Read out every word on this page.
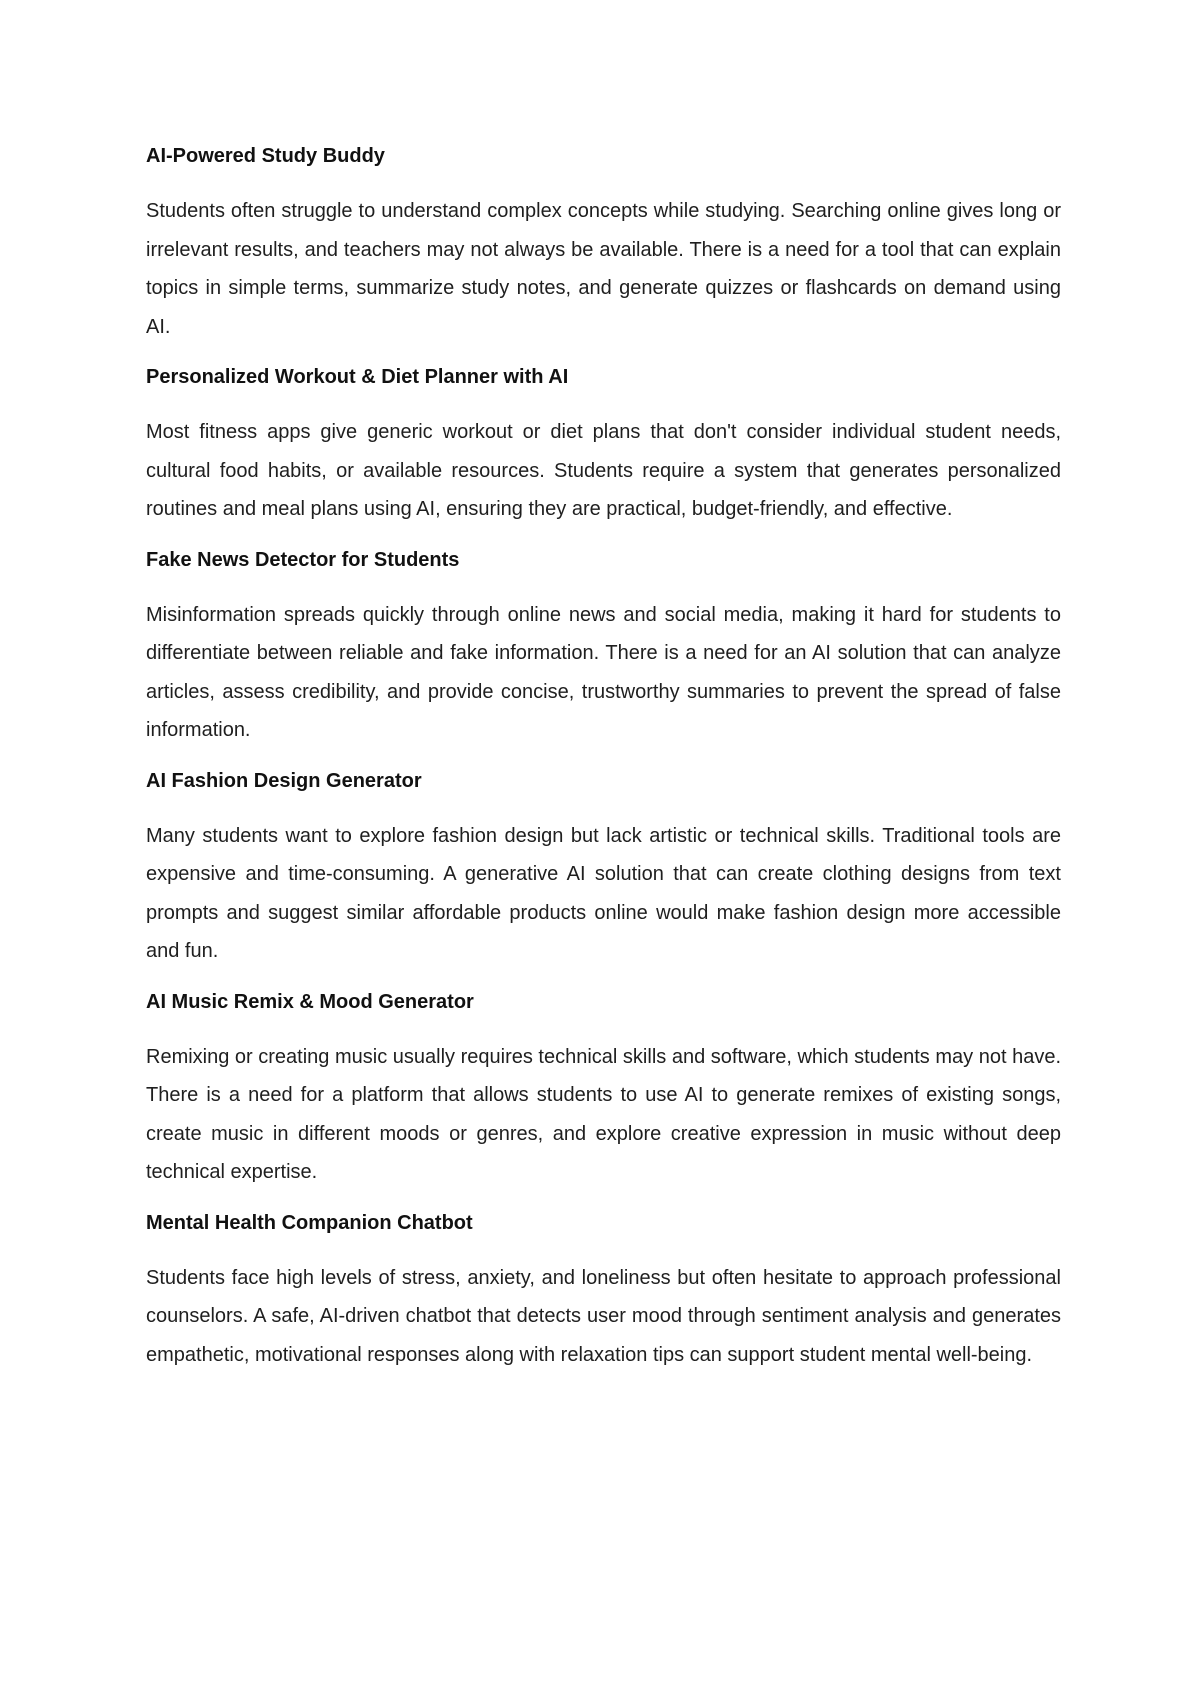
AI-Powered Study Buddy

Students often struggle to understand complex concepts while studying. Searching online gives long or irrelevant results, and teachers may not always be available. There is a need for a tool that can explain topics in simple terms, summarize study notes, and generate quizzes or flashcards on demand using AI.

Personalized Workout & Diet Planner with AI

Most fitness apps give generic workout or diet plans that don't consider individual student needs, cultural food habits, or available resources. Students require a system that generates personalized routines and meal plans using AI, ensuring they are practical, budget-friendly, and effective.

Fake News Detector for Students

Misinformation spreads quickly through online news and social media, making it hard for students to differentiate between reliable and fake information. There is a need for an AI solution that can analyze articles, assess credibility, and provide concise, trustworthy summaries to prevent the spread of false information.

AI Fashion Design Generator

Many students want to explore fashion design but lack artistic or technical skills. Traditional tools are expensive and time-consuming. A generative AI solution that can create clothing designs from text prompts and suggest similar affordable products online would make fashion design more accessible and fun.

AI Music Remix & Mood Generator

Remixing or creating music usually requires technical skills and software, which students may not have. There is a need for a platform that allows students to use AI to generate remixes of existing songs, create music in different moods or genres, and explore creative expression in music without deep technical expertise.

Mental Health Companion Chatbot

Students face high levels of stress, anxiety, and loneliness but often hesitate to approach professional counselors. A safe, AI-driven chatbot that detects user mood through sentiment analysis and generates empathetic, motivational responses along with relaxation tips can support student mental well-being.
